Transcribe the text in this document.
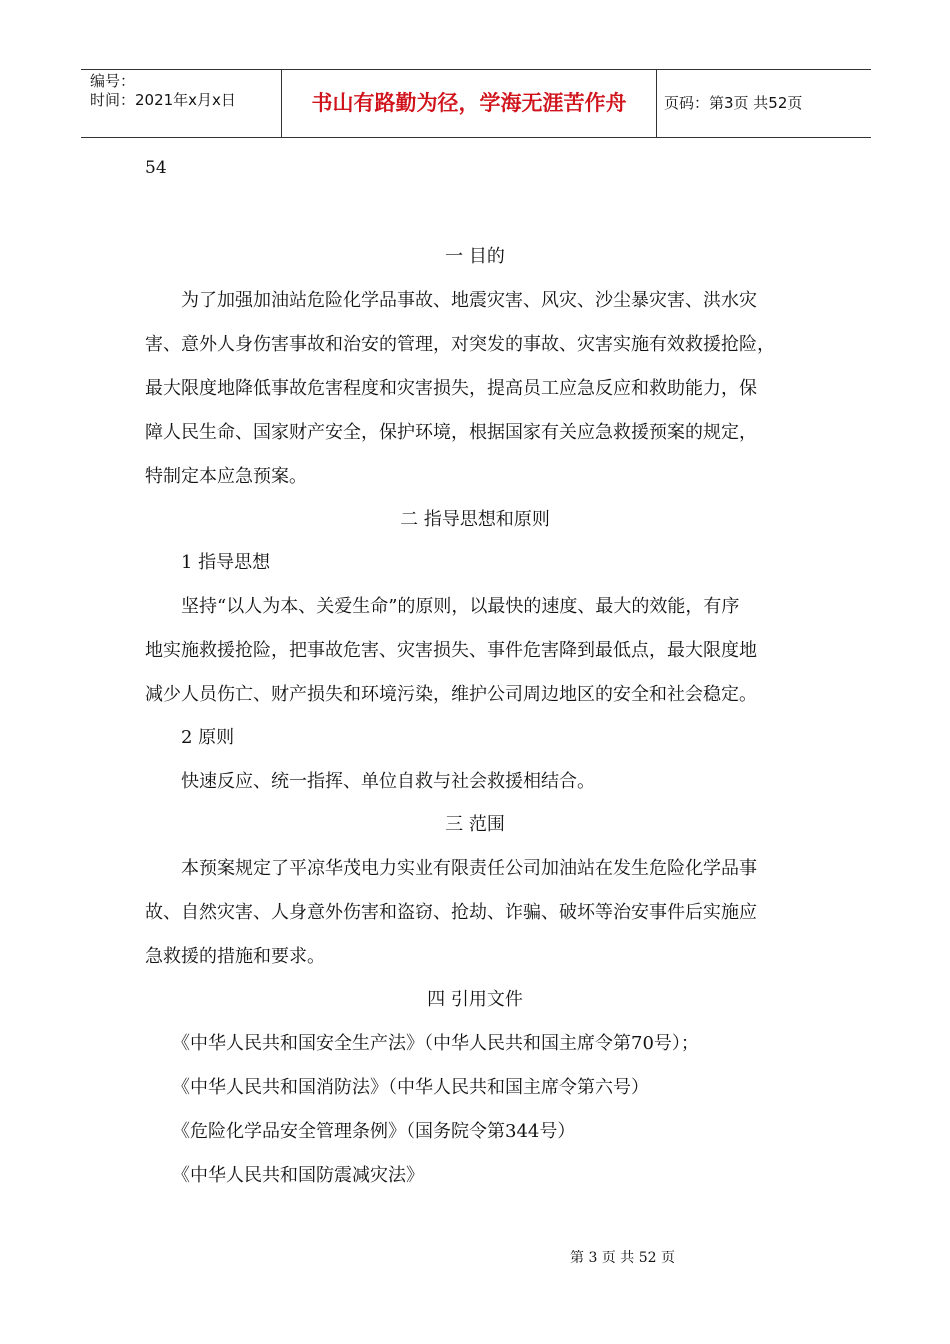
编号：
时间：2021年x月x日	书山有路勤为径，学海无涯苦作舟	页码：第3页 共52页
54
一 目的
为了加强加油站危险化学品事故、地震灾害、风灾、沙尘暴灾害、洪水灾
害、意外人身伤害事故和治安的管理，对突发的事故、灾害实施有效救援抢险，
最大限度地降低事故危害程度和灾害损失，提高员工应急反应和救助能力，保
障人民生命、国家财产安全，保护环境，根据国家有关应急救援预案的规定，
特制定本应急预案。
二 指导思想和原则
1 指导思想
坚持“以人为本、关爱生命”的原则，以最快的速度、最大的效能，有序
地实施救援抢险，把事故危害、灾害损失、事件危害降到最低点，最大限度地
减少人员伤亡、财产损失和环境污染，维护公司周边地区的安全和社会稳定。
2 原则
快速反应、统一指挥、单位自救与社会救援相结合。
三 范围
本预案规定了平凉华茂电力实业有限责任公司加油站在发生危险化学品事
故、自然灾害、人身意外伤害和盗窃、抢劫、诈骗、破坏等治安事件后实施应
急救援的措施和要求。
四 引用文件
《中华人民共和国安全生产法》（中华人民共和国主席令第70号）；
《中华人民共和国消防法》（中华人民共和国主席令第六号）
《危险化学品安全管理条例》（国务院令第344号）
《中华人民共和国防震减灾法》
第 3 页 共 52 页
